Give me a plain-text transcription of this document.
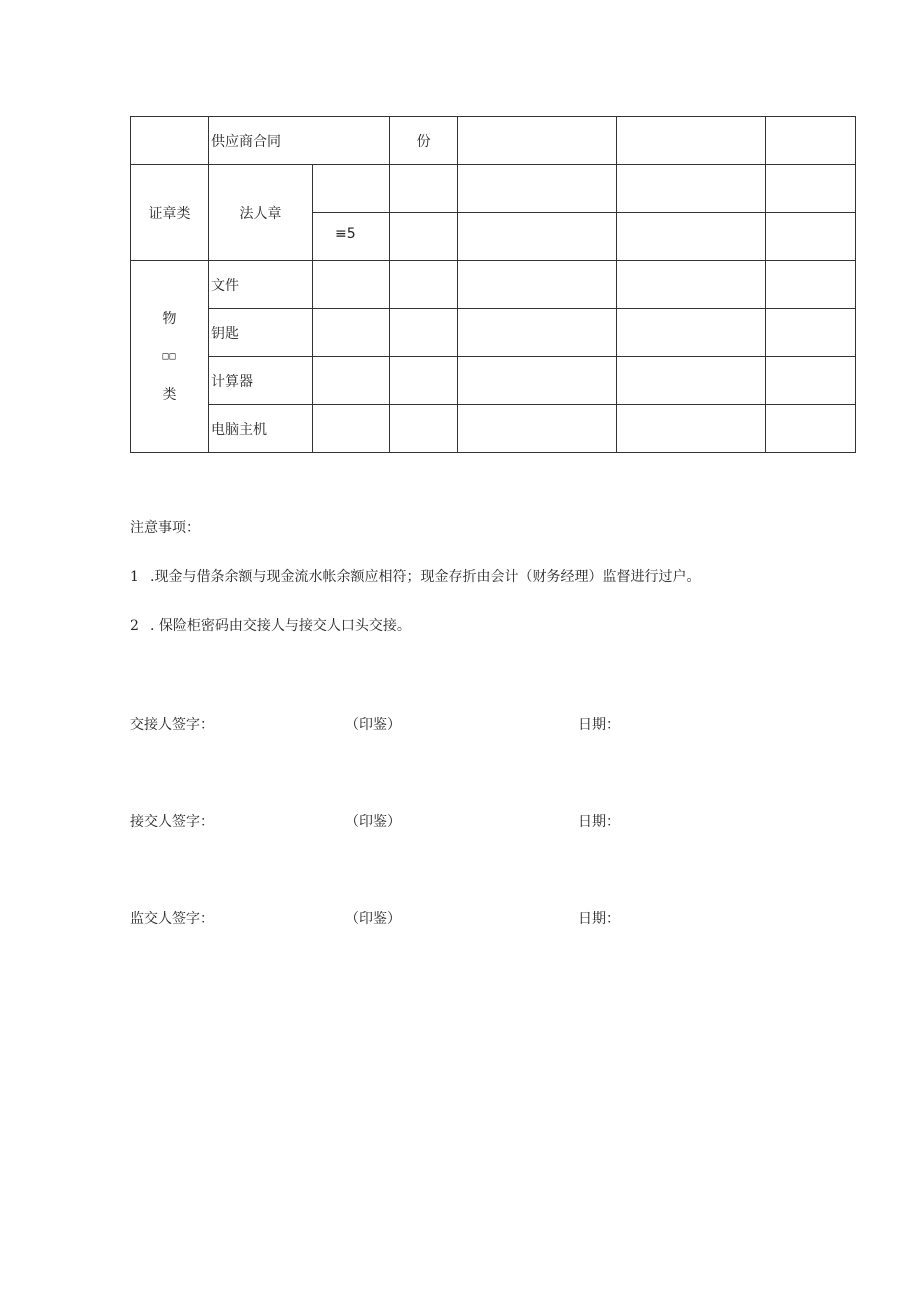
	供应商合同		份			
证章类	法人章					
		≡5				

物
□□
类	文件					
	钥匙					
	计算器					
	电脑主机					
注意事项：
1 .现金与借条余额与现金流水帐余额应相符；现金存折由会计（财务经理）监督进行过户。
2 . 保险柜密码由交接人与接交人口头交接。
交接人签字：	（印鉴）	日期：
接交人签字：	（印鉴）	日期：
监交人签字：	（印鉴）	日期：
